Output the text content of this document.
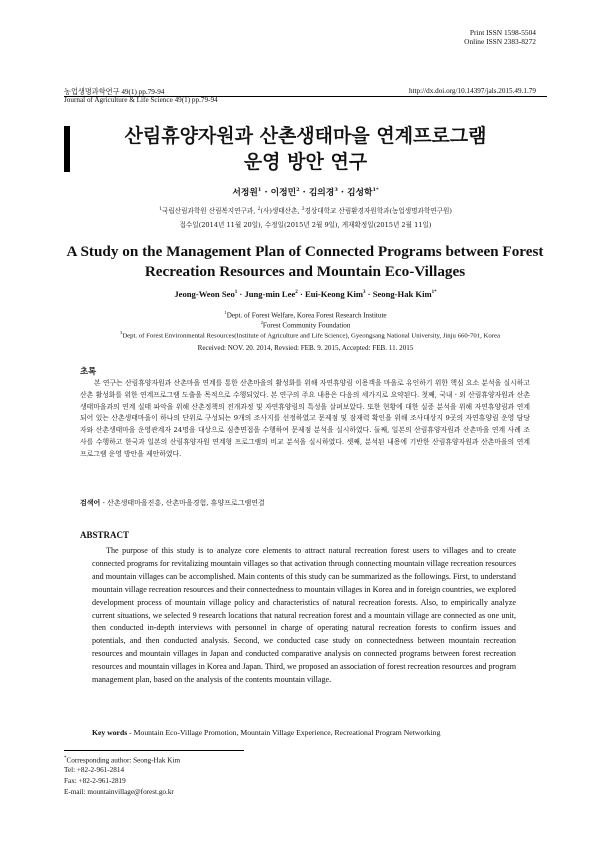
Print ISSN 1598-5504
Online ISSN 2383-8272
농업생명과학연구 49(1) pp.79-94
Journal of Agriculture & Life Science 49(1) pp.79-94
http://dx.doi.org/10.14397/jals.2015.49.1.79
산림휴양자원과 산촌생태마을 연계프로그램
운영 방안 연구
서정원$^1$ · 이정민$^2$ · 김의경$^3$ · 김성학$^{1*}$
$^1$국립산림과학원 산림복지연구과, $^2$(사)생태산촌, $^3$경상대학교 산림환경자원학과(농업생명과학연구원)
접수일(2014년 11월 20일), 수정일(2015년 2월 9일), 게재확정일(2015년 2월 11일)
A Study on the Management Plan of Connected Programs between Forest
Recreation Resources and Mountain Eco-Villages
Jeong-Weon Seo$^1$ · Jung-min Lee$^2$ · Eui-Keong Kim$^3$ · Seong-Hak Kim$^{1*}$
$^1$Dept. of Forest Welfare, Korea Forest Research Institute
$^2$Forest Community Foundation
$^3$Dept. of Forest Environmental Resources(Institute of Agriculture and Life Science), Gyeongsang National University, Jinju 660-701, Korea
Received: NOV. 20. 2014, Revsied: FEB. 9. 2015, Accepted: FEB. 11. 2015
초록
본 연구는 산림휴양자원과 산촌마을 연계를 통한 산촌마을의 활성화를 위해 자연휴양림 이용객을 마을로 유인하기 위한 핵심 요소 분석을 실시하고 산촌 활성화를 위한 연계프로그램 도출을 목적으로 수행되었다. 본 연구의 주요 내용은 다음의 세가지로 요약된다. 첫째, 국내ㆍ외 산림휴양자원과 산촌생태마을과의 연계 실태 파악을 위해 산촌정책의 전개과정 및 자연휴양림의 특성을 살펴보았다. 또한 현황에 대한 실증 분석을 위해 자연휴양림과 연계되어 있는 산촌생태마을이 하나의 단위로 구성되는 9개의 조사지를 선정하였고 문제점 및 잠재력 확인을 위해 조사대상지 9곳의 자연휴양림 운영 담당자와 산촌생태마을 운영관계자 24명을 대상으로 심층면접을 수행하여 문제점 분석을 실시하였다. 둘째, 일본의 산림휴양자원과 산촌마을 연계 사례 조사를 수행하고 한국과 일본의 산림휴양자원 연계형 프로그램의 비교 분석을 실시하였다. 셋째, 분석된 내용에 기반한 산림휴양자원과 산촌마을의 연계 프로그램 운영 방안을 제안하였다.
검색어 - 산촌생태마을진흥, 산촌마을경험, 휴양프로그램연결
ABSTRACT
The purpose of this study is to analyze core elements to attract natural recreation forest users to villages and to create connected programs for revitalizing mountain villages so that activation through connecting mountain village recreation resources and mountain villages can be accomplished. Main contents of this study can be summarized as the followings. First, to understand mountain village recreation resources and their connectedness to mountain villages in Korea and in foreign countries, we explored development process of mountain village policy and characteristics of natural recreation forests. Also, to empirically analyze current situations, we selected 9 research locations that natural recreation forest and a mountain village are connected as one unit, then conducted in-depth interviews with personnel in charge of operating natural recreation forests to confirm issues and potentials, and then conducted analysis. Second, we conducted case study on connectedness between mountain recreation resources and mountain villages in Japan and conducted comparative analysis on connected programs between forest recreation resources and mountain villages in Korea and Japan. Third, we proposed an association of forest recreation resources and program management plan, based on the analysis of the contents mountain village.
Key words - Mountain Eco-Village Promotion, Mountain Village Experience, Recreational Program Networking
*Corresponding author: Seong-Hak Kim
Tel: +82-2-961-2814
Fax: +82-2-961-2819
E-mail: mountainvillage@forest.go.kr
